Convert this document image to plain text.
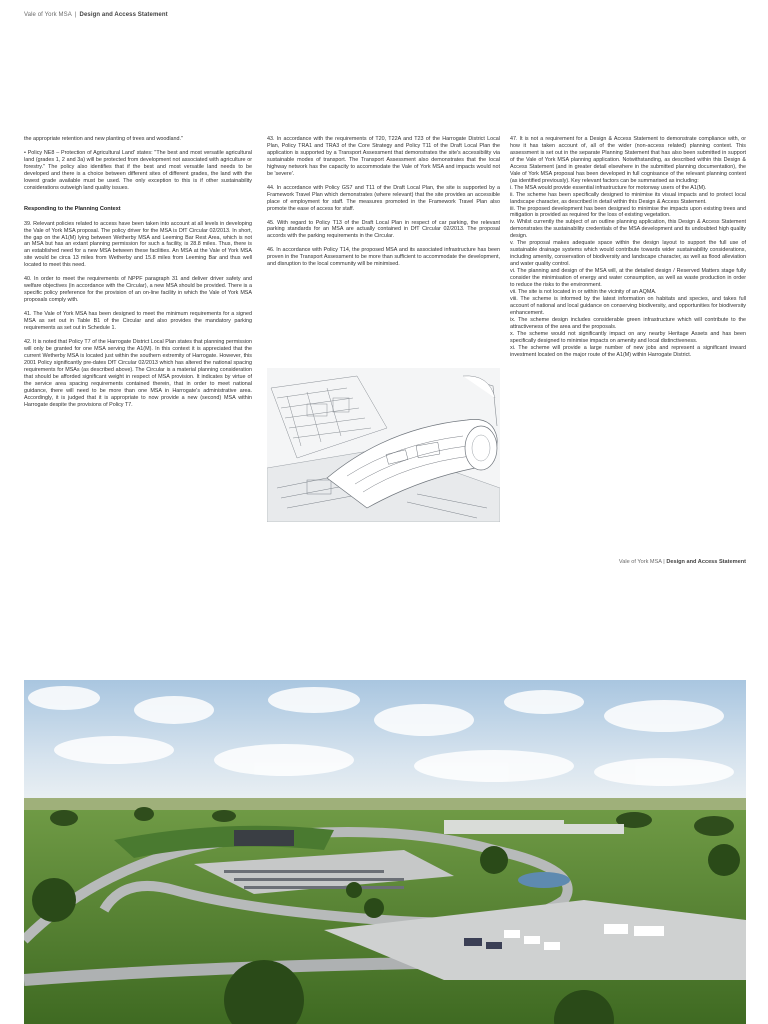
Vale of York MSA | Design and Access Statement

the appropriate retention and new planting of trees and woodland."

• Policy NE8 – Protection of Agricultural Land' states: "The best and most versatile agricultural land (grades 1, 2 and 3a) will be protected from development not associated with agriculture or forestry." The policy also identifies that if the best and most versatile land needs to be developed and there is a choice between different sites of different grades, the land with the lowest grade available must be used. The only exception to this is if other sustainability considerations outweigh land quality issues.

Responding to the Planning Context

39. Relevant policies related to access have been taken into account at all levels in developing the Vale of York MSA proposal. The policy driver for the MSA is DfT Circular 02/2013. In short, the gap on the A1(M) lying between Wetherby MSA and Leeming Bar Rest Area, which is not an MSA but has an extant planning permission for such a facility, is 28.8 miles. Thus, there is an established need for a new MSA between these facilities. An MSA at the Vale of York MSA site would be circa 13 miles from Wetherby and 15.8 miles from Leeming Bar and thus well located to meet this need.

40. In order to meet the requirements of NPPF paragraph 31 and deliver driver safety and welfare objectives (in accordance with the Circular), a new MSA should be provided. There is a specific policy preference for the provision of an on-line facility in which the Vale of York MSA proposals comply with.

41. The Vale of York MSA has been designed to meet the minimum requirements for a signed MSA as set out in Table B1 of the Circular and also provides the mandatory parking requirements as set out in Schedule 1.

42. It is noted that Policy T7 of the Harrogate District Local Plan states that planning permission will only be granted for one MSA serving the A1(M). In this context it is appreciated that the current Wetherby MSA is located just within the southern extremity of Harrogate. However, this 2001 Policy significantly pre-dates DfT Circular 02/2013 which has altered the national spacing requirements for MSAs (as described above). The Circular is a material planning consideration that should be afforded significant weight in respect of MSA provision. It indicates by virtue of the service area spacing requirements contained therein, that in order to meet national guidance, there will need to be more than one MSA in Harrogate's administrative area. Accordingly, it is judged that it is appropriate to now provide a new (second) MSA within Harrogate despite the provisions of Policy T7.

43. In accordance with the requirements of T20, T22A and T23 of the Harrogate District Local Plan, Policy TRA1 and TRA3 of the Core Strategy and Policy T11 of the Draft Local Plan the application is supported by a Transport Assessment that demonstrates the site's accessibility via sustainable modes of transport. The Transport Assessment also demonstrates that the local highway network has the capacity to accommodate the Vale of York MSA and impacts would not be 'severe'.

44. In accordance with Policy GS7 and T11 of the Draft Local Plan, the site is supported by a Framework Travel Plan which demonstrates (where relevant) that the site provides an accessible place of employment for staff. The measures promoted in the Framework Travel Plan also promote the ease of access for staff.

45. With regard to Policy T13 of the Draft Local Plan in respect of car parking, the relevant parking standards for an MSA are actually contained in DfT Circular 02/2013. The proposal accords with the parking requirements in the Circular.

46. In accordance with Policy T14, the proposed MSA and its associated infrastructure has been proven in the Transport Assessment to be more than sufficient to accommodate the development, and disruption to the local community will be minimised.

47. It is not a requirement for a Design & Access Statement to demonstrate compliance with, or how it has taken account of, all of the wider (non-access related) planning context. This assessment is set out in the separate Planning Statement that has also been submitted in support of the Vale of York MSA planning application. Notwithstanding, as described within this Design & Access Statement (and in greater detail elsewhere in the submitted planning documentation), the Vale of York MSA proposal has been developed in full cognisance of the relevant planning context (as identified previously). Key relevant factors can be summarised as including:

i. The MSA would provide essential infrastructure for motorway users of the A1(M).

ii. The scheme has been specifically designed to minimise its visual impacts and to protect local landscape character, as described in detail within this Design & Access Statement.

iii. The proposed development has been designed to minimise the impacts upon existing trees and mitigation is provided as required for the loss of existing vegetation.

iv. Whilst currently the subject of an outline planning application, this Design & Access Statement demonstrates the sustainability credentials of the MSA development and its undoubted high quality design.

v. The proposal makes adequate space within the design layout to support the full use of sustainable drainage systems which would contribute towards wider sustainability considerations, including amenity, conservation of biodiversity and landscape character, as well as flood alleviation and water quality control.

vi. The planning and design of the MSA will, at the detailed design / Reserved Matters stage fully consider the minimisation of energy and water consumption, as well as waste production in order to reduce the risks to the environment.

vii. The site is not located in or within the vicinity of an AQMA.

viii. The scheme is informed by the latest information on habitats and species, and takes full account of national and local guidance on conserving biodiversity, and opportunities for biodiversity enhancement.

ix. The scheme design includes considerable green infrastructure which will contribute to the attractiveness of the area and the proposals.

x. The scheme would not significantly impact on any nearby Heritage Assets and has been specifically designed to minimise impacts on amenity and local distinctiveness.

xi. The scheme will provide a large number of new jobs and represent a significant inward investment located on the major route of the A1(M) within Harrogate District.

Vale of York MSA | Design and Access Statement
